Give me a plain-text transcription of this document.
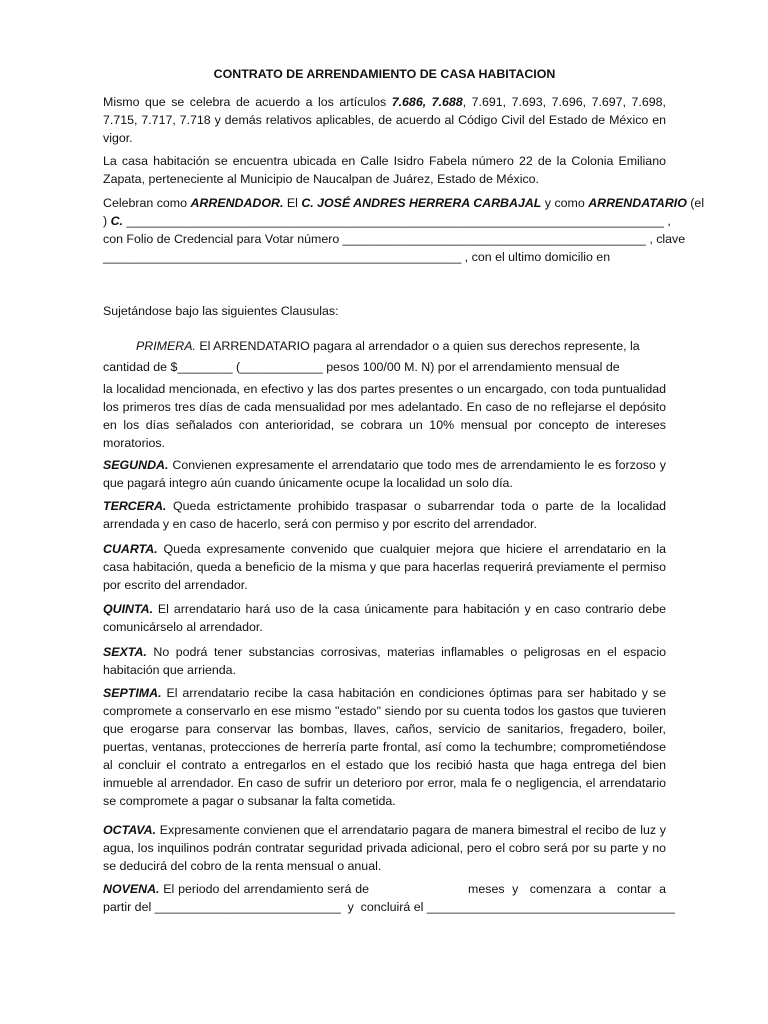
CONTRATO DE ARRENDAMIENTO DE CASA HABITACION

Mismo que se celebra de acuerdo a los artículos 7.686, 7.688, 7.691, 7.693, 7.696, 7.697, 7.698, 7.715, 7.717, 7.718 y demás relativos aplicables, de acuerdo al Código Civil del Estado de México en vigor.

La casa habitación se encuentra ubicada en Calle Isidro Fabela número 22 de la Colonia Emiliano Zapata, perteneciente al Municipio de Naucalpan de Juárez, Estado de México.

Celebran como ARRENDADOR. El C. JOSÉ ANDRES HERRERA CARBAJAL y como ARRENDATARIO (el
) C. ______________________________________________________________________________ ,
con Folio de Credencial para Votar número ____________________________________________ , clave
____________________________________________________ , con el ultimo domicilio en

Sujetándose bajo las siguientes Clausulas:

PRIMERA. El ARRENDATARIO pagara al arrendador o a quien sus derechos represente, la
cantidad de $________ (____________ pesos 100/00 M. N) por el arrendamiento mensual de
la localidad mencionada, en efectivo y las dos partes presentes o un encargado, con toda puntualidad los primeros tres días de cada mensualidad por mes adelantado. En caso de no reflejarse el depósito en los días señalados con anterioridad, se cobrara un 10% mensual por concepto de intereses moratorios.

SEGUNDA. Convienen expresamente el arrendatario que todo mes de arrendamiento le es forzoso y que pagará integro aún cuando únicamente ocupe la localidad un solo día.

TERCERA. Queda estrictamente prohibido traspasar o subarrendar toda o parte de la localidad arrendada y en caso de hacerlo, será con permiso y por escrito del arrendador.

CUARTA. Queda expresamente convenido que cualquier mejora que hiciere el arrendatario en la casa habitación, queda a beneficio de la misma y que para hacerlas requerirá previamente el permiso por escrito del arrendador.

QUINTA. El arrendatario hará uso de la casa únicamente para habitación y en caso contrario debe comunicárselo al arrendador.

SEXTA. No podrá tener substancias corrosivas, materias inflamables o peligrosas en el espacio habitación que arrienda.

SEPTIMA. El arrendatario recibe la casa habitación en condiciones óptimas para ser habitado y se compromete a conservarlo en ese mismo "estado" siendo por su cuenta todos los gastos que tuvieren que erogarse para conservar las bombas, llaves, caños, servicio de sanitarios, fregadero, boiler, puertas, ventanas, protecciones de herrería parte frontal, así como la techumbre; comprometiéndose al concluir el contrato a entregarlos en el estado que los recibió hasta que haga entrega del bien inmueble al arrendador. En caso de sufrir un deterioro por error, mala fe o negligencia, el arrendatario se compromete a pagar o subsanar la falta cometida.

OCTAVA. Expresamente convienen que el arrendatario pagara de manera bimestral el recibo de luz y agua, los inquilinos podrán contratar seguridad privada adicional, pero el cobro será por su parte y no se deducirá del cobro de la renta mensual o anual.

NOVENA. El periodo del arrendamiento será de                          meses  y   comenzara  a   contar  a
partir del ___________________________  y  concluirá el ____________________________________
